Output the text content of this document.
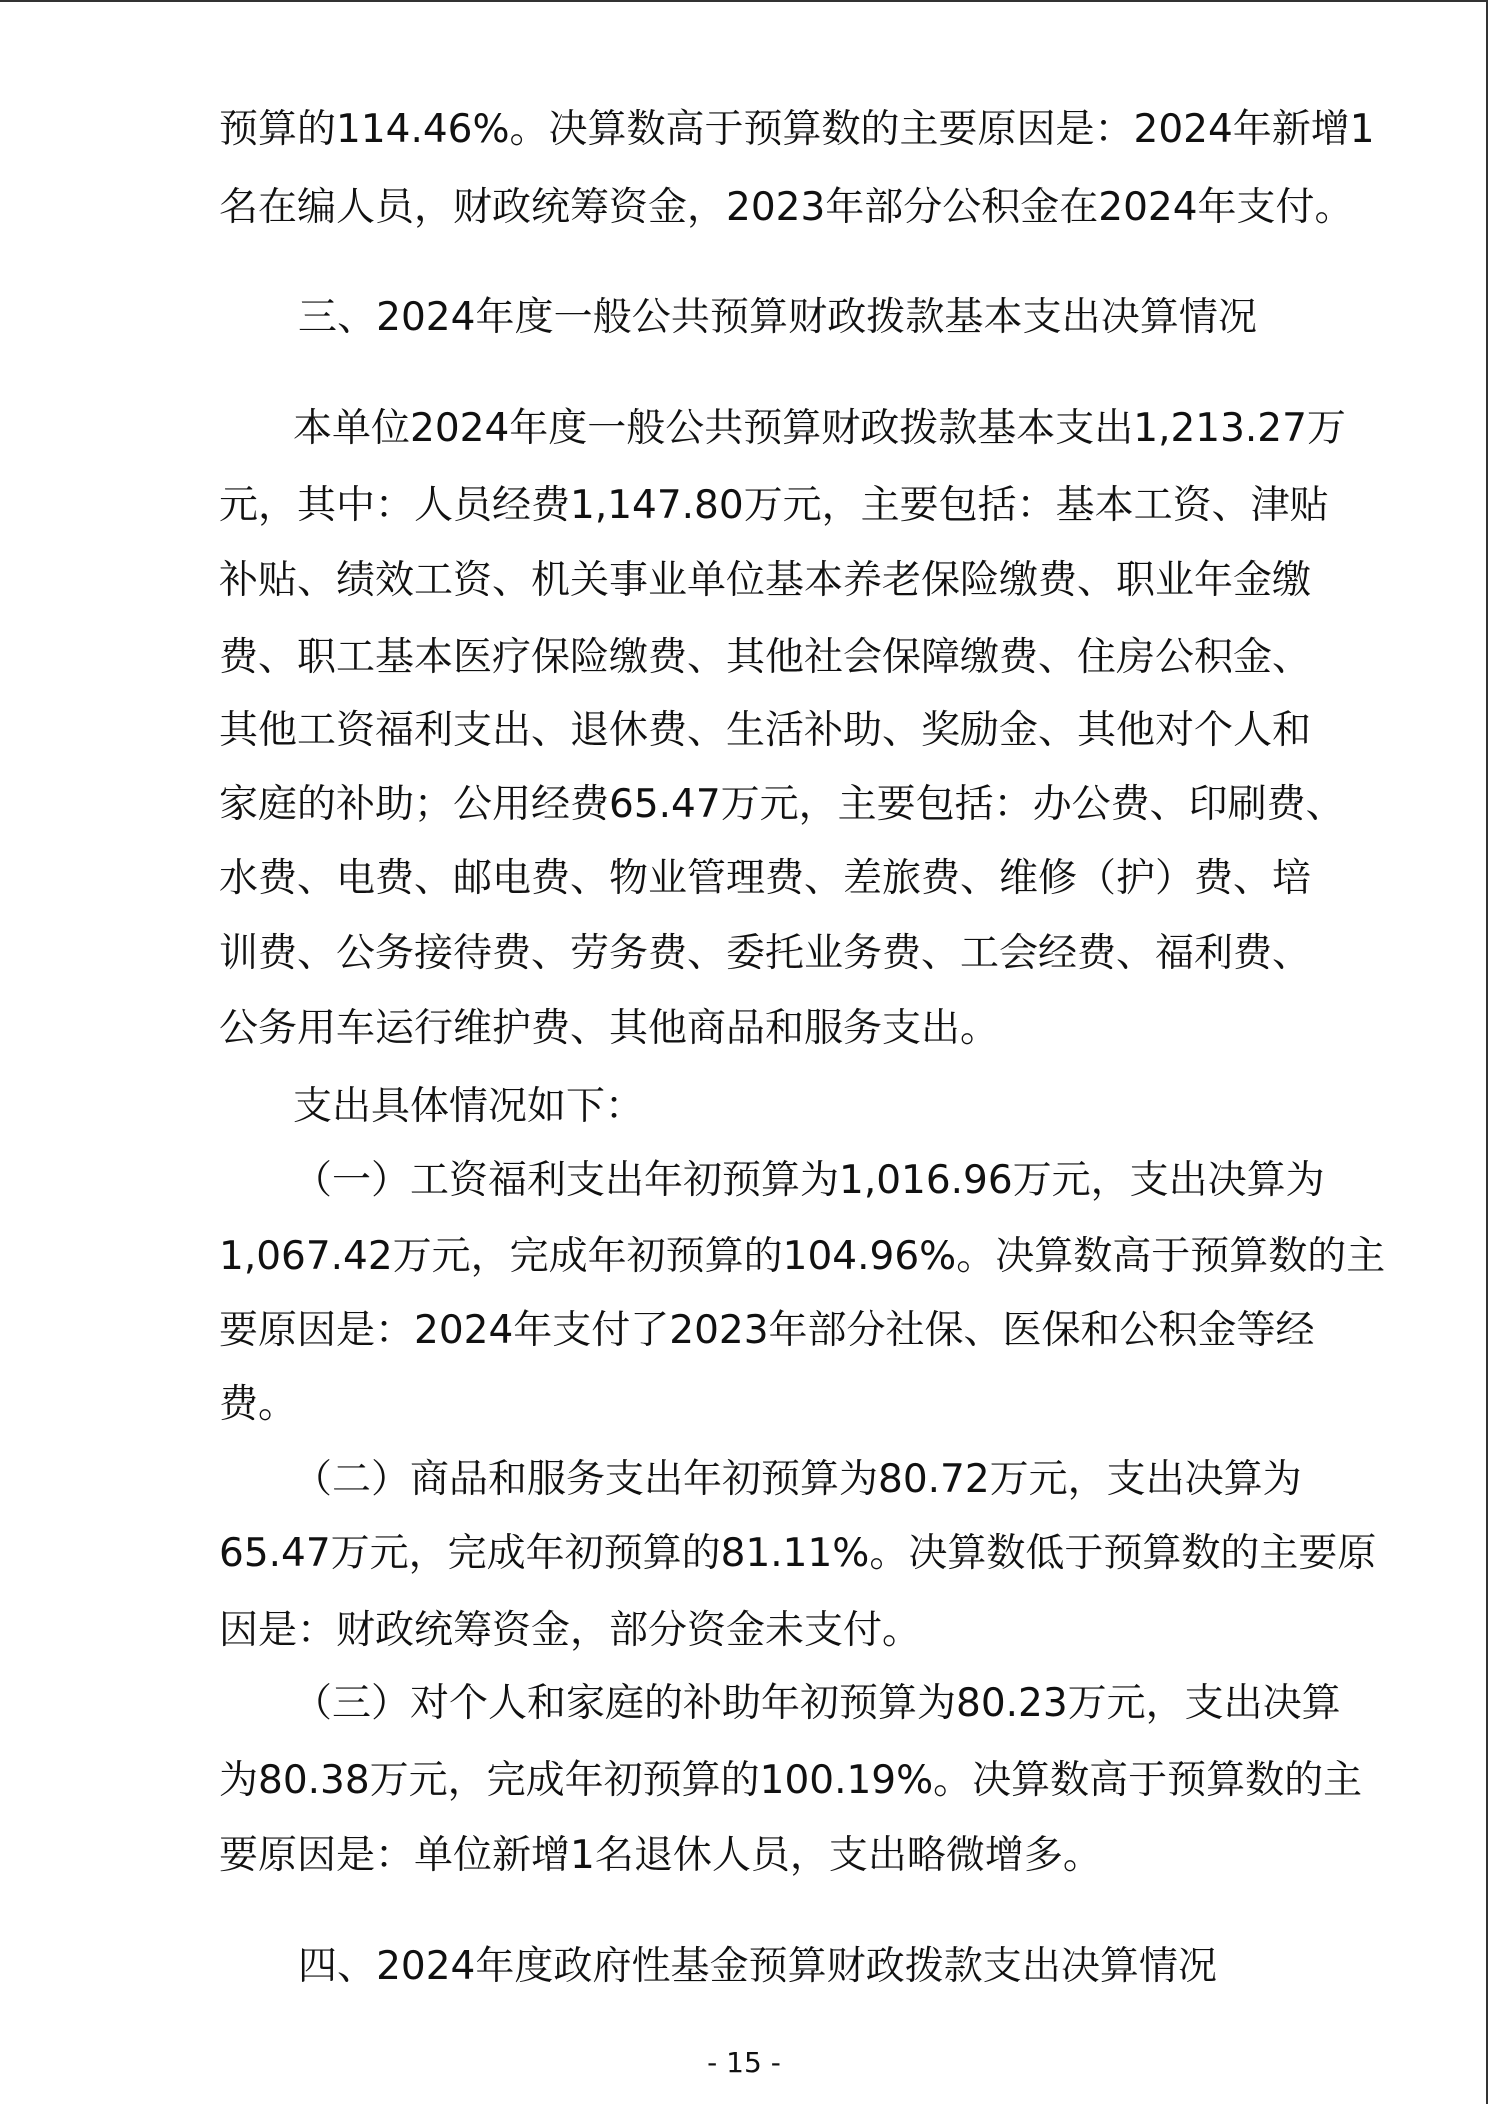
预算的114.46%。决算数高于预算数的主要原因是：2024年新增1
名在编人员，财政统筹资金，2023年部分公积金在2024年支付。
三、2024年度一般公共预算财政拨款基本支出决算情况
本单位2024年度一般公共预算财政拨款基本支出1,213.27万
元，其中：人员经费1,147.80万元，主要包括：基本工资、津贴
补贴、绩效工资、机关事业单位基本养老保险缴费、职业年金缴
费、职工基本医疗保险缴费、其他社会保障缴费、住房公积金、
其他工资福利支出、退休费、生活补助、奖励金、其他对个人和
家庭的补助；公用经费65.47万元，主要包括：办公费、印刷费、
水费、电费、邮电费、物业管理费、差旅费、维修（护）费、培
训费、公务接待费、劳务费、委托业务费、工会经费、福利费、
公务用车运行维护费、其他商品和服务支出。
支出具体情况如下：
（一）工资福利支出年初预算为1,016.96万元，支出决算为
1,067.42万元，完成年初预算的104.96%。决算数高于预算数的主
要原因是：2024年支付了2023年部分社保、医保和公积金等经
费。
（二）商品和服务支出年初预算为80.72万元，支出决算为
65.47万元，完成年初预算的81.11%。决算数低于预算数的主要原
因是：财政统筹资金，部分资金未支付。
（三）对个人和家庭的补助年初预算为80.23万元，支出决算
为80.38万元，完成年初预算的100.19%。决算数高于预算数的主
要原因是：单位新增1名退休人员，支出略微增多。
四、2024年度政府性基金预算财政拨款支出决算情况
- 15 -
